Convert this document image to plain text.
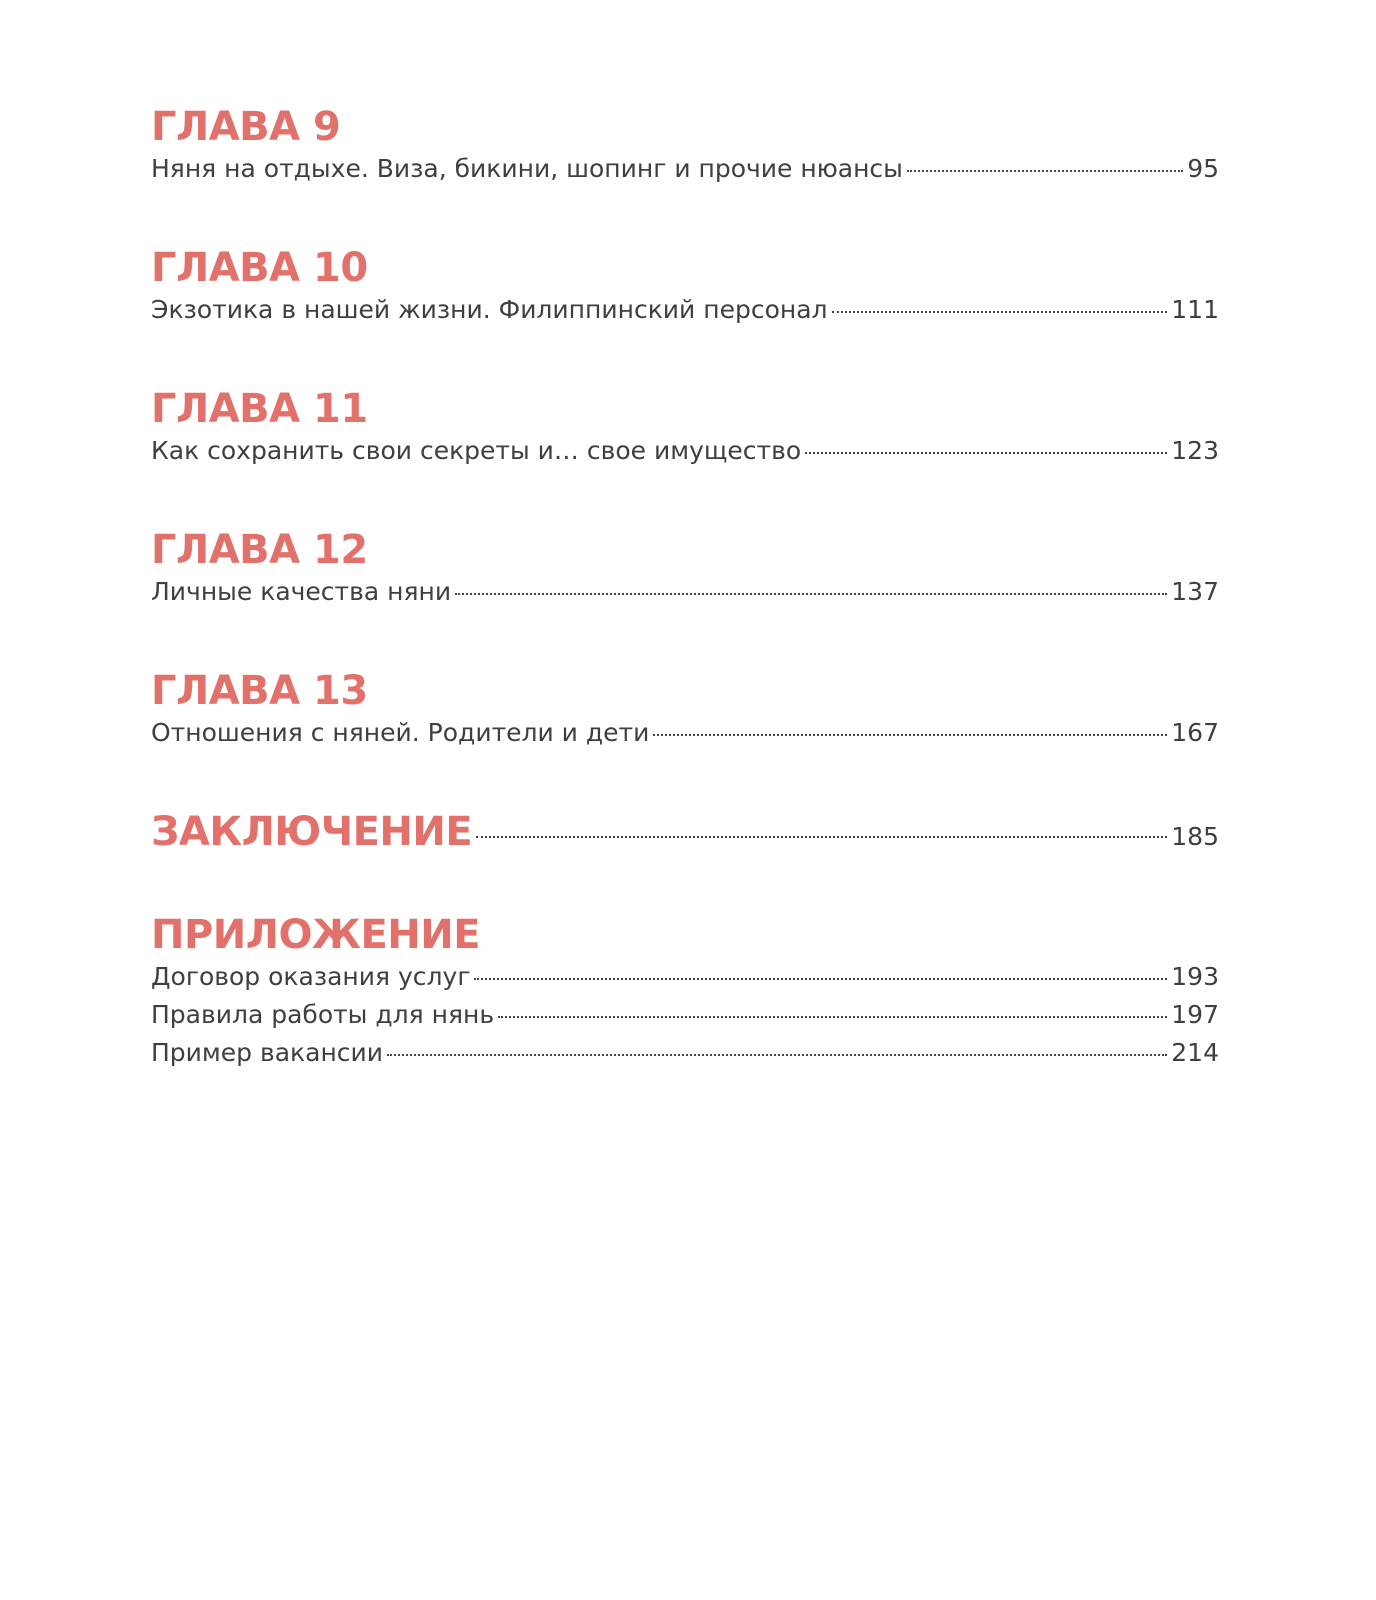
ГЛАВА 9
Няня на отдыхе. Виза, бикини, шопинг и прочие нюансы	95
ГЛАВА 10
Экзотика в нашей жизни. Филиппинский персонал	111
ГЛАВА 11
Как сохранить свои секреты и… свое имущество	123
ГЛАВА 12
Личные качества няни	137
ГЛАВА 13
Отношения с няней. Родители и дети	167
ЗАКЛЮЧЕНИЕ	185
ПРИЛОЖЕНИЕ
Договор оказания услуг	193
Правила работы для нянь	197
Пример вакансии	214
